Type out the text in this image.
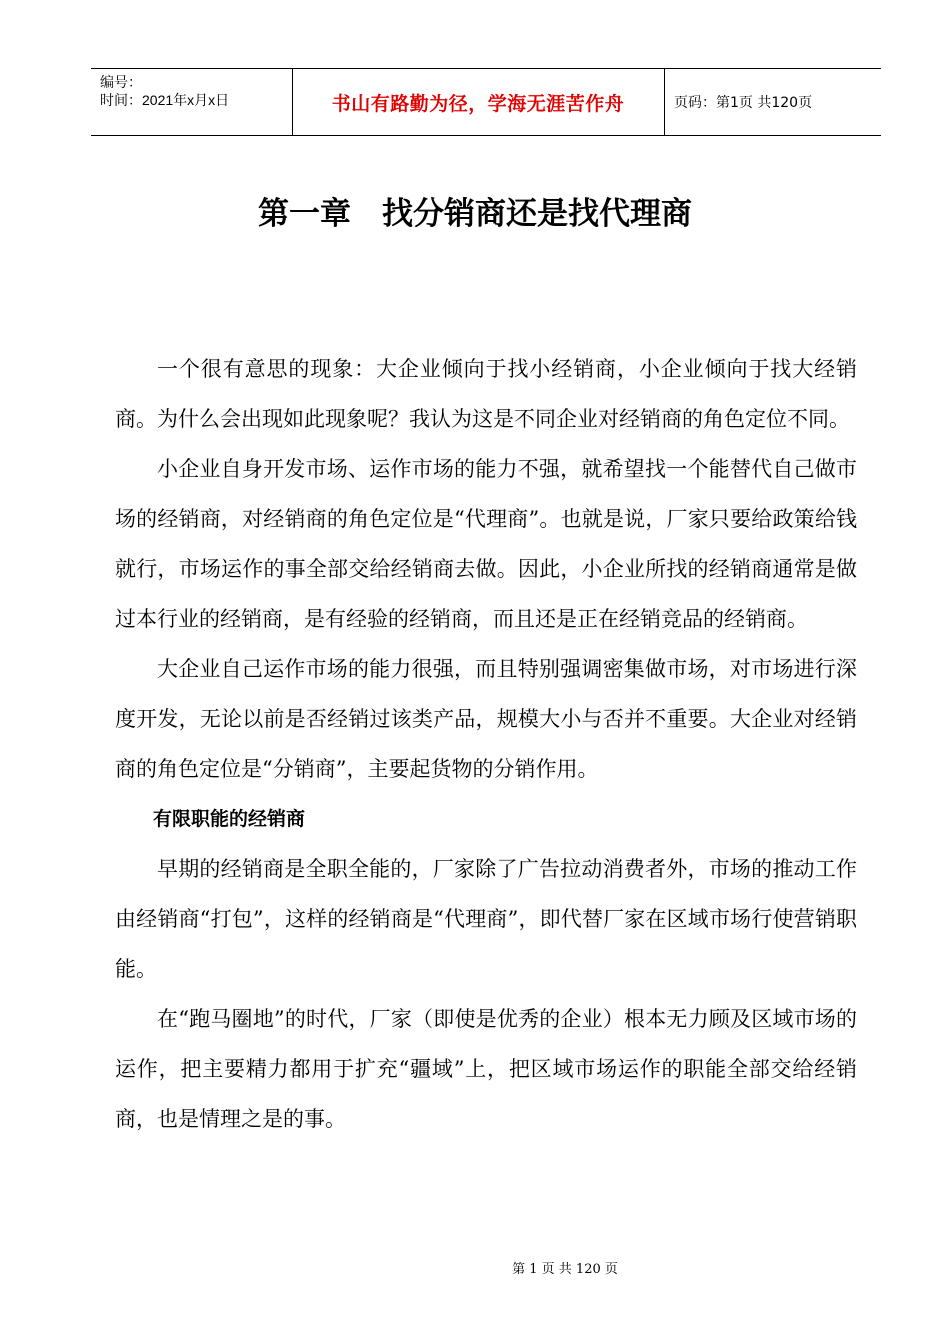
编号：
时间：2021年x月x日	书山有路勤为径，学海无涯苦作舟	页码：第1页 共120页
第一章　找分销商还是找代理商

一个很有意思的现象：大企业倾向于找小经销商，小企业倾向于找大经销商。为什么会出现如此现象呢？我认为这是不同企业对经销商的角色定位不同。

小企业自身开发市场、运作市场的能力不强，就希望找一个能替代自己做市场的经销商，对经销商的角色定位是“代理商”。也就是说，厂家只要给政策给钱就行，市场运作的事全部交给经销商去做。因此，小企业所找的经销商通常是做过本行业的经销商，是有经验的经销商，而且还是正在经销竞品的经销商。

大企业自己运作市场的能力很强，而且特别强调密集做市场，对市场进行深度开发，无论以前是否经销过该类产品，规模大小与否并不重要。大企业对经销商的角色定位是“分销商”，主要起货物的分销作用。

有限职能的经销商

早期的经销商是全职全能的，厂家除了广告拉动消费者外，市场的推动工作由经销商“打包”，这样的经销商是“代理商”，即代替厂家在区域市场行使营销职能。

在“跑马圈地”的时代，厂家（即使是优秀的企业）根本无力顾及区域市场的运作，把主要精力都用于扩充“疆域”上，把区域市场运作的职能全部交给经销商，也是情理之是的事。

第 1 页 共 120 页
